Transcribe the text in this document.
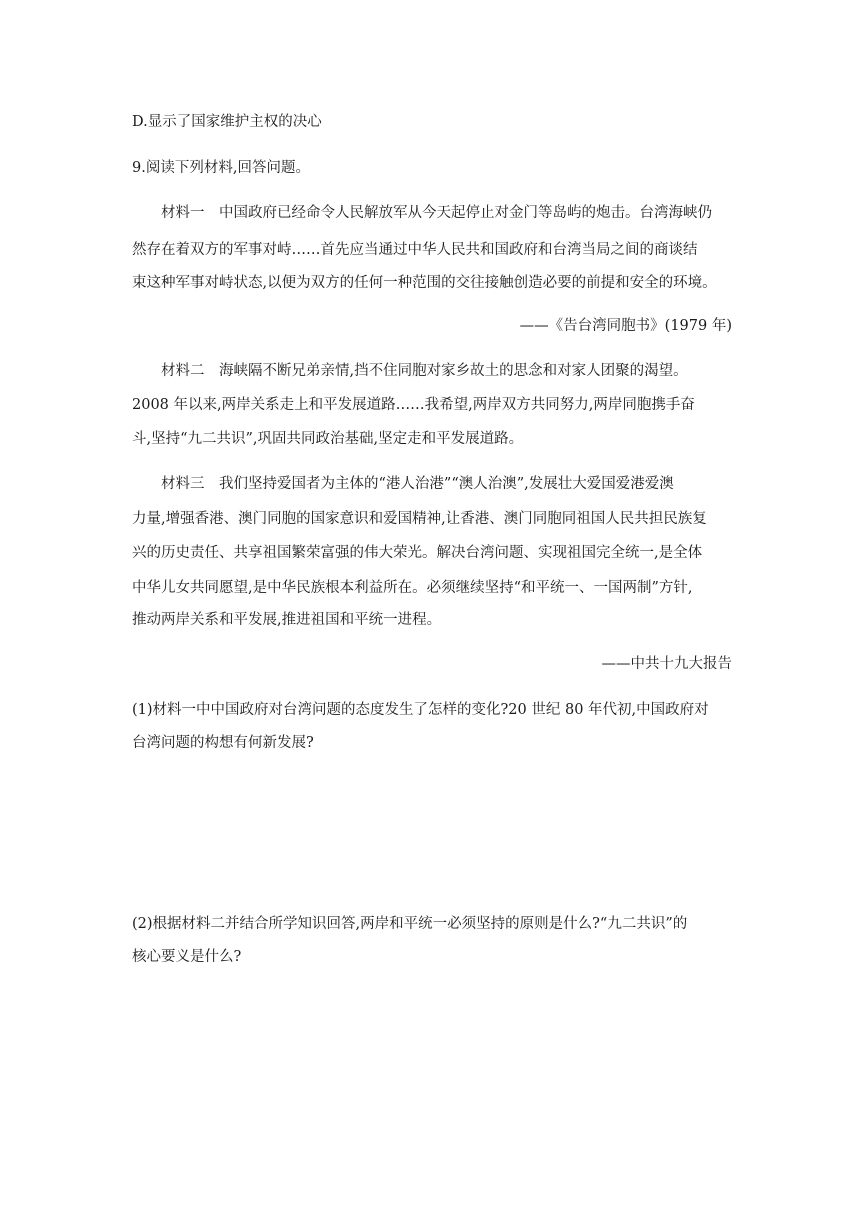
D.显示了国家维护主权的决心
9.阅读下列材料,回答问题。
材料一　中国政府已经命令人民解放军从今天起停止对金门等岛屿的炮击。台湾海峡仍
然存在着双方的军事对峙……首先应当通过中华人民共和国政府和台湾当局之间的商谈结
束这种军事对峙状态,以便为双方的任何一种范围的交往接触创造必要的前提和安全的环境。
——《告台湾同胞书》(1979 年)
材料二　海峡隔不断兄弟亲情,挡不住同胞对家乡故土的思念和对家人团聚的渴望。
2008 年以来,两岸关系走上和平发展道路……我希望,两岸双方共同努力,两岸同胞携手奋
斗,坚持“九二共识”,巩固共同政治基础,坚定走和平发展道路。
材料三　我们坚持爱国者为主体的“港人治港”“澳人治澳”,发展壮大爱国爱港爱澳
力量,增强香港、澳门同胞的国家意识和爱国精神,让香港、澳门同胞同祖国人民共担民族复
兴的历史责任、共享祖国繁荣富强的伟大荣光。解决台湾问题、实现祖国完全统一,是全体
中华儿女共同愿望,是中华民族根本利益所在。必须继续坚持“和平统一、一国两制”方针,
推动两岸关系和平发展,推进祖国和平统一进程。
——中共十九大报告
(1)材料一中中国政府对台湾问题的态度发生了怎样的变化?20 世纪 80 年代初,中国政府对
台湾问题的构想有何新发展?
(2)根据材料二并结合所学知识回答,两岸和平统一必须坚持的原则是什么?“九二共识”的
核心要义是什么?
